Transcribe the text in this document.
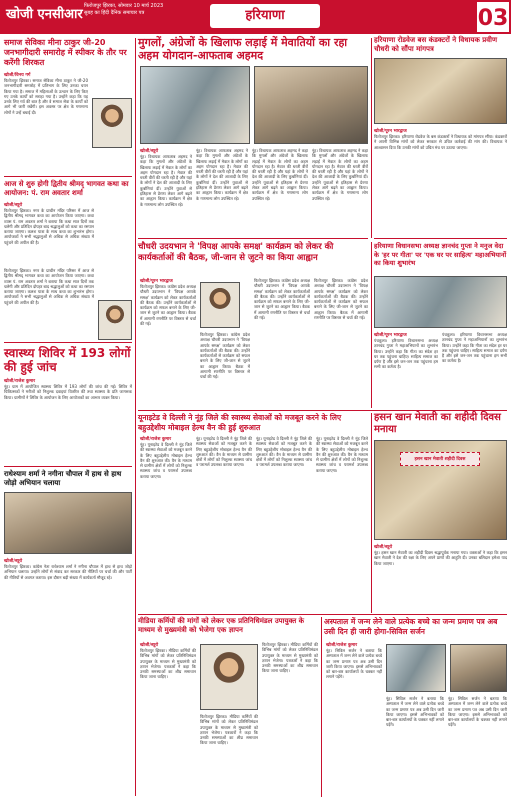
खोजी एनसीआर
फिरोजपुर झिरका, सोमवार 10 मार्च 2023
सुबह का हिंदी दैनिक समाचार पत्र	हरियाणा	03
समाज सेविका मीना ठाकुर जी-20 जनभागीदारी समारोह में स्पीकर के तौर पर करेंगी शिरकत
खोजी/विनय गर्ग
फिरोजपुर झिरका। समाज सेविका मीना ठाकुर ने जी-20 जनभागीदारी समारोह में प्रतिभाग के लिए उनका चयन किया गया है। समाज में महिलाओं के उत्थान के लिए किए गए उनके कार्यों को सराहा गया है। उन्होंने कहा कि यह उनके लिए गर्व की बात है और वे समाज सेवा के कार्यों को आगे भी जारी रखेंगी। इस अवसर पर क्षेत्र के गणमान्य लोगों ने उन्हें बधाई दी।
आज से शुरु होगी द्वितीय श्रीमद् भागवत कथा का आयोजन: पं. राम अवतार शर्मा
खोजी/ब्यूरो
फिरोजपुर झिरका। नगर के प्राचीन मंदिर परिसर में आज से द्वितीय श्रीमद् भागवत कथा का आयोजन किया जाएगा। कथा व्यास पं. राम अवतार शर्मा ने बताया कि कथा सात दिनों तक चलेगी और प्रतिदिन दोपहर बाद श्रद्धालुओं को कथा का रसपान कराया जाएगा। कलश यात्रा के साथ कथा का शुभारंभ होगा। आयोजकों ने सभी श्रद्धालुओं से अधिक से अधिक संख्या में पहुंचने की अपील की है।
फिरोजपुर झिरका। नगर के प्राचीन मंदिर परिसर में आज से द्वितीय श्रीमद् भागवत कथा का आयोजन किया जाएगा। कथा व्यास पं. राम अवतार शर्मा ने बताया कि कथा सात दिनों तक चलेगी और प्रतिदिन दोपहर बाद श्रद्धालुओं को कथा का रसपान कराया जाएगा। कलश यात्रा के साथ कथा का शुभारंभ होगा। आयोजकों ने सभी श्रद्धालुओं से अधिक से अधिक संख्या में पहुंचने की अपील की है।
स्वास्थ्य शिविर में 193 लोगों की हुई जांच
खोजी/राजेश कुमार
नूंह। ग्राम में आयोजित स्वास्थ्य शिविर में 193 लोगों की जांच की गई। शिविर में चिकित्सकों ने मरीजों को निशुल्क दवाइयां वितरित कीं तथा स्वास्थ्य के प्रति जागरूक किया। ग्रामीणों ने शिविर के आयोजन के लिए आयोजकों का आभार व्यक्त किया।
राधेश्याम शर्मा ने नगीना चौपाल में हाथ से हाथ जोड़ो अभियान चलाया
खोजी/ब्यूरो
फिरोजपुर झिरका। कांग्रेस नेता राधेश्याम शर्मा ने नगीना चौपाल में हाथ से हाथ जोड़ो अभियान चलाया। उन्होंने लोगों से संवाद कर सरकार की नीतियों पर चर्चा की और पार्टी की नीतियों से अवगत कराया। इस दौरान बड़ी संख्या में कार्यकर्ता मौजूद रहे।
मुगलों, अंग्रेजों के खिलाफ लड़ाई में मेवातियों का रहा अहम योगदान-आफताब अहमद
खोजी/ब्यूरो
नूंह। विधायक आफताब अहमद ने कहा कि मुगलों और अंग्रेजों के खिलाफ लड़ाई में मेवात के लोगों का अहम योगदान रहा है। मेवात की धरती वीरों की धरती रही है और यहां के लोगों ने देश की आजादी के लिए कुर्बानियां दीं। उन्होंने युवाओं से इतिहास से प्रेरणा लेकर आगे बढ़ने का आह्वान किया। कार्यक्रम में क्षेत्र के गणमान्य लोग उपस्थित रहे।
नूंह। विधायक आफताब अहमद ने कहा कि मुगलों और अंग्रेजों के खिलाफ लड़ाई में मेवात के लोगों का अहम योगदान रहा है। मेवात की धरती वीरों की धरती रही है और यहां के लोगों ने देश की आजादी के लिए कुर्बानियां दीं। उन्होंने युवाओं से इतिहास से प्रेरणा लेकर आगे बढ़ने का आह्वान किया। कार्यक्रम में क्षेत्र के गणमान्य लोग उपस्थित रहे।
नूंह। विधायक आफताब अहमद ने कहा कि मुगलों और अंग्रेजों के खिलाफ लड़ाई में मेवात के लोगों का अहम योगदान रहा है। मेवात की धरती वीरों की धरती रही है और यहां के लोगों ने देश की आजादी के लिए कुर्बानियां दीं। उन्होंने युवाओं से इतिहास से प्रेरणा लेकर आगे बढ़ने का आह्वान किया। कार्यक्रम में क्षेत्र के गणमान्य लोग उपस्थित रहे।
नूंह। विधायक आफताब अहमद ने कहा कि मुगलों और अंग्रेजों के खिलाफ लड़ाई में मेवात के लोगों का अहम योगदान रहा है। मेवात की धरती वीरों की धरती रही है और यहां के लोगों ने देश की आजादी के लिए कुर्बानियां दीं। उन्होंने युवाओं से इतिहास से प्रेरणा लेकर आगे बढ़ने का आह्वान किया। कार्यक्रम में क्षेत्र के गणमान्य लोग उपस्थित रहे।
हरियाणा रोडवेज बस कंडक्टरों ने विधायक प्रवीण चौधरी को सौंपा मांगपत्र
खोजी/पूरन भारद्वाज
फिरोजपुर झिरका। हरियाणा रोडवेज के बस कंडक्टरों ने विधायक को मांगपत्र सौंपा। कंडक्टरों ने अपनी विभिन्न मांगों को लेकर सरकार से उचित कार्रवाई की मांग की। विधायक ने आश्वासन दिया कि उनकी मांगों को उचित मंच पर उठाया जाएगा।
चौधरी उदयभान ने 'विपक्ष आपके समक्ष' कार्यक्रम को लेकर की कार्यकर्ताओं की बैठक, जी-जान से जुटने का किया आह्वान
खोजी/पूरन भारद्वाज
फिरोजपुर झिरका। कांग्रेस प्रदेश अध्यक्ष चौधरी उदयभान ने 'विपक्ष आपके समक्ष' कार्यक्रम को लेकर कार्यकर्ताओं की बैठक की। उन्होंने कार्यकर्ताओं से कार्यक्रम को सफल बनाने के लिए जी-जान से जुटने का आह्वान किया। बैठक में आगामी रणनीति पर विस्तार से चर्चा की गई।
फिरोजपुर झिरका। कांग्रेस प्रदेश अध्यक्ष चौधरी उदयभान ने 'विपक्ष आपके समक्ष' कार्यक्रम को लेकर कार्यकर्ताओं की बैठक की। उन्होंने कार्यकर्ताओं से कार्यक्रम को सफल बनाने के लिए जी-जान से जुटने का आह्वान किया। बैठक में आगामी रणनीति पर विस्तार से चर्चा की गई।
फिरोजपुर झिरका। कांग्रेस प्रदेश अध्यक्ष चौधरी उदयभान ने 'विपक्ष आपके समक्ष' कार्यक्रम को लेकर कार्यकर्ताओं की बैठक की। उन्होंने कार्यकर्ताओं से कार्यक्रम को सफल बनाने के लिए जी-जान से जुटने का आह्वान किया। बैठक में आगामी रणनीति पर विस्तार से चर्चा की गई।
फिरोजपुर झिरका। कांग्रेस प्रदेश अध्यक्ष चौधरी उदयभान ने 'विपक्ष आपके समक्ष' कार्यक्रम को लेकर कार्यकर्ताओं की बैठक की। उन्होंने कार्यकर्ताओं से कार्यक्रम को सफल बनाने के लिए जी-जान से जुटने का आह्वान किया। बैठक में आगामी रणनीति पर विस्तार से चर्चा की गई।
हरियाणा विधानसभा अध्यक्ष ज्ञानचंद गुप्ता ने मनुज वेदा के 'हर पर गीता' पर 'एक घर पर साहित्य' महाअभियानों का किया शुभारंभ
खोजी/पूरन भारद्वाज
पंचकूला। हरियाणा विधानसभा अध्यक्ष ज्ञानचंद गुप्ता ने महाअभियानों का शुभारंभ किया। उन्होंने कहा कि गीता का संदेश हर घर तक पहुंचना चाहिए। साहित्य समाज का दर्पण है और इसे जन-जन तक पहुंचाना हम सभी का कर्तव्य है।
पंचकूला। हरियाणा विधानसभा अध्यक्ष ज्ञानचंद गुप्ता ने महाअभियानों का शुभारंभ किया। उन्होंने कहा कि गीता का संदेश हर घर तक पहुंचना चाहिए। साहित्य समाज का दर्पण है और इसे जन-जन तक पहुंचाना हम सभी का कर्तव्य है।
यूनाइटेड वे दिल्ली ने नूंह जिले की स्वास्थ्य सेवाओं को मजबूत करने के लिए बहुउद्देशीय मोबाइल हेल्थ वैन की हुई शुरुआत
खोजी/राजेश कुमार
नूंह। यूनाइटेड वे दिल्ली ने नूंह जिले की स्वास्थ्य सेवाओं को मजबूत करने के लिए बहुउद्देशीय मोबाइल हेल्थ वैन की शुरुआत की। वैन के माध्यम से ग्रामीण क्षेत्रों में लोगों को निशुल्क स्वास्थ्य जांच व परामर्श उपलब्ध कराया जाएगा।
नूंह। यूनाइटेड वे दिल्ली ने नूंह जिले की स्वास्थ्य सेवाओं को मजबूत करने के लिए बहुउद्देशीय मोबाइल हेल्थ वैन की शुरुआत की। वैन के माध्यम से ग्रामीण क्षेत्रों में लोगों को निशुल्क स्वास्थ्य जांच व परामर्श उपलब्ध कराया जाएगा।
नूंह। यूनाइटेड वे दिल्ली ने नूंह जिले की स्वास्थ्य सेवाओं को मजबूत करने के लिए बहुउद्देशीय मोबाइल हेल्थ वैन की शुरुआत की। वैन के माध्यम से ग्रामीण क्षेत्रों में लोगों को निशुल्क स्वास्थ्य जांच व परामर्श उपलब्ध कराया जाएगा।
नूंह। यूनाइटेड वे दिल्ली ने नूंह जिले की स्वास्थ्य सेवाओं को मजबूत करने के लिए बहुउद्देशीय मोबाइल हेल्थ वैन की शुरुआत की। वैन के माध्यम से ग्रामीण क्षेत्रों में लोगों को निशुल्क स्वास्थ्य जांच व परामर्श उपलब्ध कराया जाएगा।
हसन खान मेवाती का शहीदी दिवस मनाया
हसन खान मेवाती शहीदी दिवस
खोजी/ब्यूरो
नूंह। हसन खान मेवाती का शहीदी दिवस श्रद्धापूर्वक मनाया गया। वक्ताओं ने कहा कि हसन खान मेवाती ने देश की रक्षा के लिए अपने प्राणों की आहुति दी। उनका बलिदान हमेशा याद किया जाएगा।
मीडिया कर्मियों की मांगों को लेकर एक प्रतिनिधिमंडल उपायुक्त के माध्यम से मुख्यमंत्री को भेजेगा एक ज्ञापन
खोजी/ब्यूरो
फिरोजपुर झिरका। मीडिया कर्मियों की विभिन्न मांगों को लेकर प्रतिनिधिमंडल उपायुक्त के माध्यम से मुख्यमंत्री को ज्ञापन भेजेगा। पत्रकारों ने कहा कि उनकी समस्याओं का शीघ्र समाधान किया जाना चाहिए।
फिरोजपुर झिरका। मीडिया कर्मियों की विभिन्न मांगों को लेकर प्रतिनिधिमंडल उपायुक्त के माध्यम से मुख्यमंत्री को ज्ञापन भेजेगा। पत्रकारों ने कहा कि उनकी समस्याओं का शीघ्र समाधान किया जाना चाहिए।
फिरोजपुर झिरका। मीडिया कर्मियों की विभिन्न मांगों को लेकर प्रतिनिधिमंडल उपायुक्त के माध्यम से मुख्यमंत्री को ज्ञापन भेजेगा। पत्रकारों ने कहा कि उनकी समस्याओं का शीघ्र समाधान किया जाना चाहिए।
अस्पताल में जन्म लेने वाले प्रत्येक बच्चे का जन्म प्रमाण पत्र अब उसी दिन ही जारी होगा-सिविल सर्जन
खोजी/राजेश कुमार
नूंह। सिविल सर्जन ने बताया कि अस्पताल में जन्म लेने वाले प्रत्येक बच्चे का जन्म प्रमाण पत्र अब उसी दिन जारी किया जाएगा। इससे अभिभावकों को बार-बार कार्यालयों के चक्कर नहीं लगाने पड़ेंगे।
नूंह। सिविल सर्जन ने बताया कि अस्पताल में जन्म लेने वाले प्रत्येक बच्चे का जन्म प्रमाण पत्र अब उसी दिन जारी किया जाएगा। इससे अभिभावकों को बार-बार कार्यालयों के चक्कर नहीं लगाने पड़ेंगे।
नूंह। सिविल सर्जन ने बताया कि अस्पताल में जन्म लेने वाले प्रत्येक बच्चे का जन्म प्रमाण पत्र अब उसी दिन जारी किया जाएगा। इससे अभिभावकों को बार-बार कार्यालयों के चक्कर नहीं लगाने पड़ेंगे।
